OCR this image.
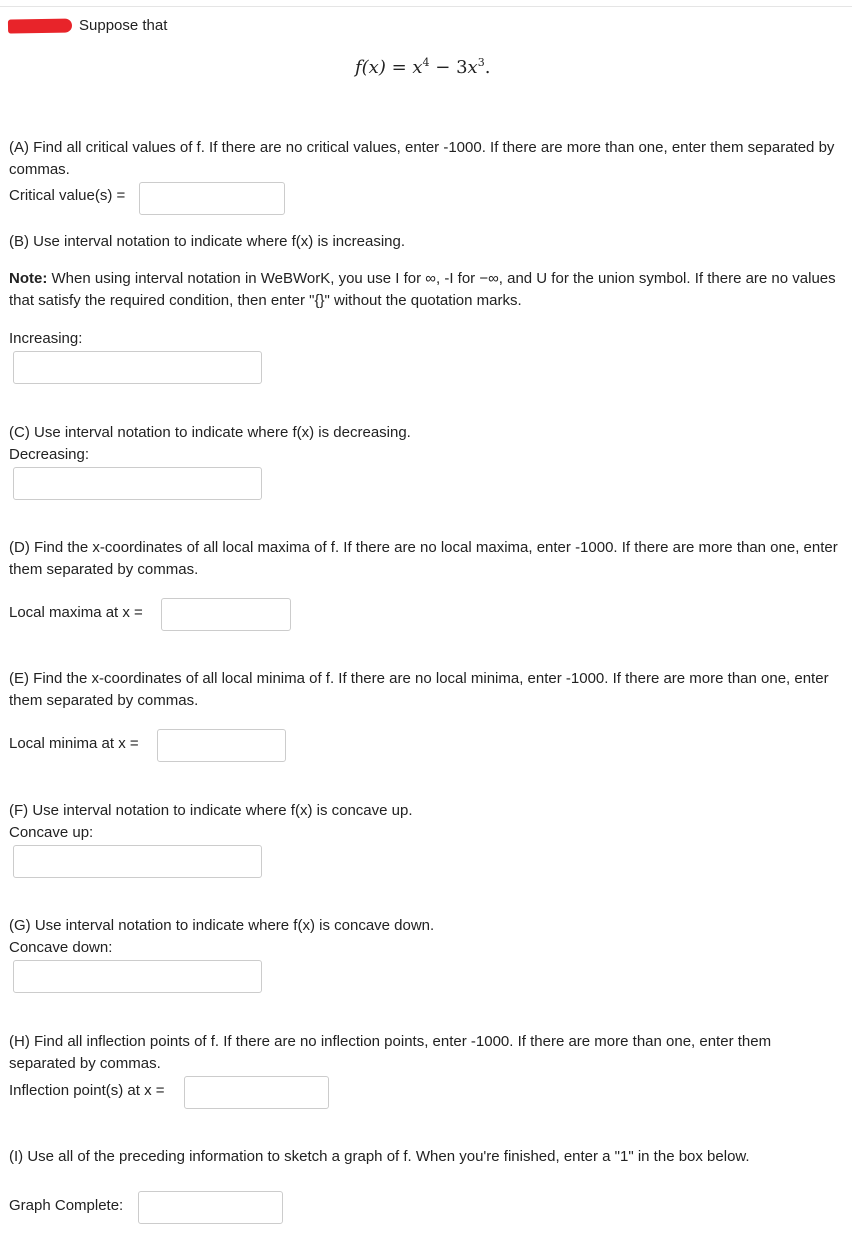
Suppose that
$f(x) = x^4 - 3x^3$.
(A) Find all critical values of f. If there are no critical values, enter -1000. If there are more than one, enter them separated by commas.
Critical value(s) =
(B) Use interval notation to indicate where f(x) is increasing.
Note: When using interval notation in WeBWorK, you use I for ∞, -I for −∞, and U for the union symbol. If there are no values that satisfy the required condition, then enter "{}" without the quotation marks.
Increasing:
(C) Use interval notation to indicate where f(x) is decreasing.
Decreasing:
(D) Find the x-coordinates of all local maxima of f. If there are no local maxima, enter -1000. If there are more than one, enter them separated by commas.
Local maxima at x =
(E) Find the x-coordinates of all local minima of f. If there are no local minima, enter -1000. If there are more than one, enter them separated by commas.
Local minima at x =
(F) Use interval notation to indicate where f(x) is concave up.
Concave up:
(G) Use interval notation to indicate where f(x) is concave down.
Concave down:
(H) Find all inflection points of f. If there are no inflection points, enter -1000. If there are more than one, enter them separated by commas.
Inflection point(s) at x =
(I) Use all of the preceding information to sketch a graph of f. When you're finished, enter a "1" in the box below.
Graph Complete:
